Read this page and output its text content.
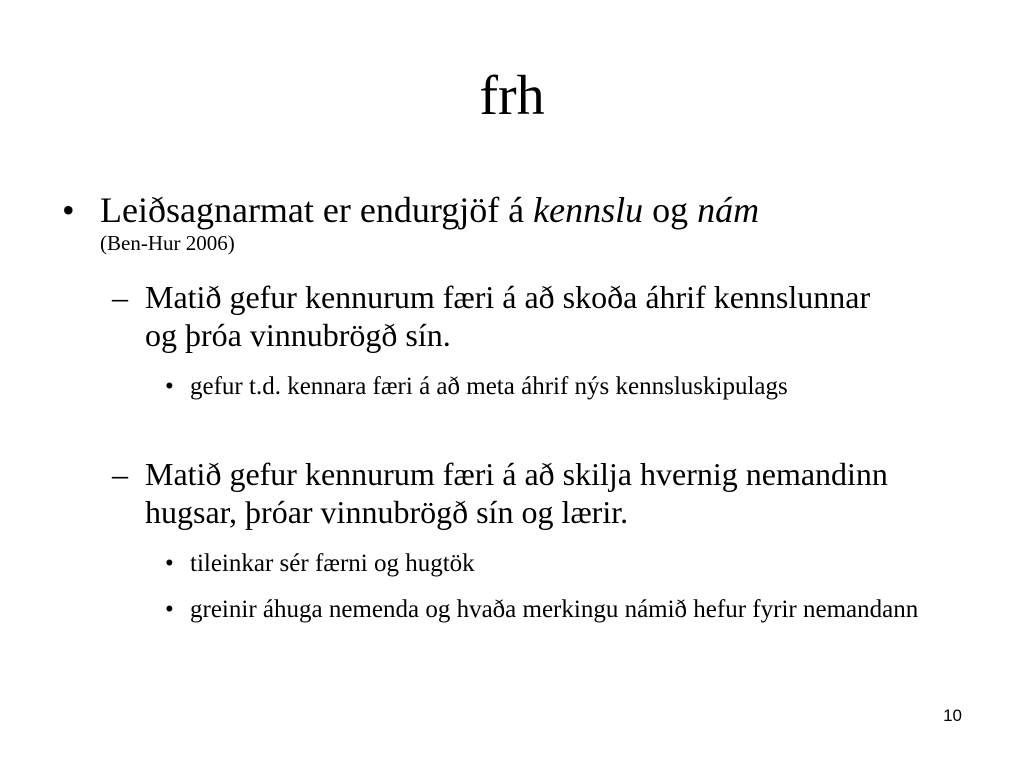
frh
• Leiðsagnarmat er endurgjöf á kennslu og nám
(Ben-Hur 2006)
– Matið gefur kennurum færi á að skoða áhrif kennslunnar og þróa vinnubrögð sín.
• gefur t.d. kennara færi á að meta áhrif nýs kennsluskipulags
– Matið gefur kennurum færi á að skilja hvernig nemandinn hugsar, þróar vinnubrögð sín og lærir.
• tileinkar sér færni og hugtök
• greinir áhuga nemenda og hvaða merkingu námið hefur fyrir nemandann
10
